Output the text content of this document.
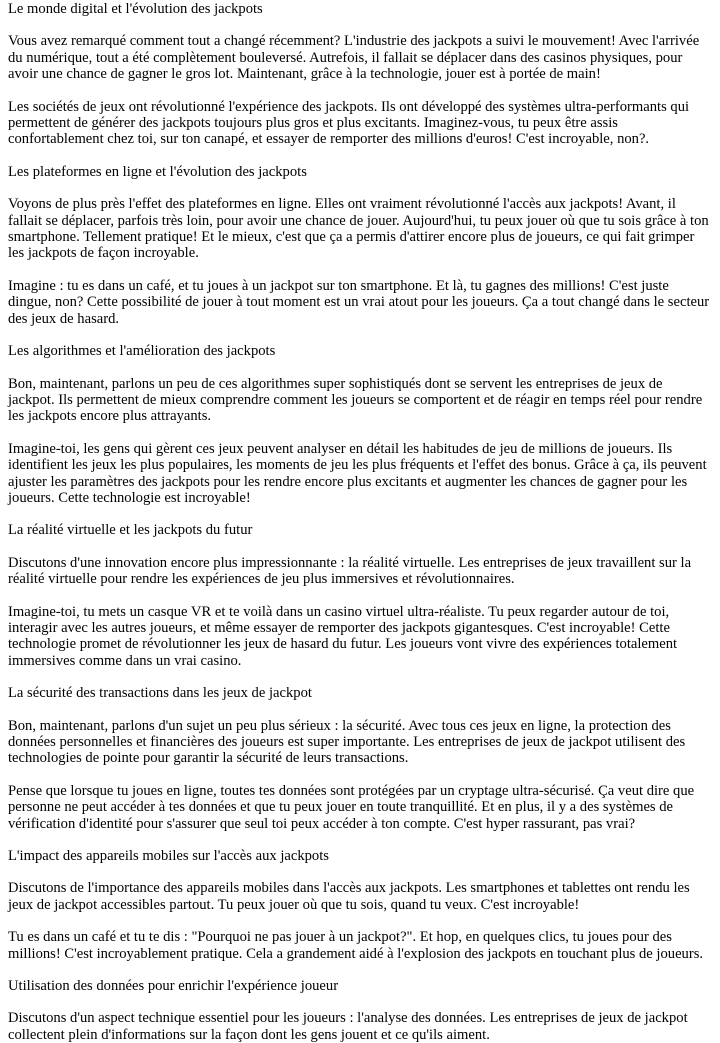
Le monde digital et l'évolution des jackpots
Vous avez remarqué comment tout a changé récemment? L'industrie des jackpots a suivi le mouvement! Avec l'arrivée du numérique, tout a été complètement bouleversé. Autrefois, il fallait se déplacer dans des casinos physiques, pour avoir une chance de gagner le gros lot. Maintenant, grâce à la technologie, jouer est à portée de main!
Les sociétés de jeux ont révolutionné l'expérience des jackpots. Ils ont développé des systèmes ultra-performants qui permettent de générer des jackpots toujours plus gros et plus excitants. Imaginez-vous, tu peux être assis confortablement chez toi, sur ton canapé, et essayer de remporter des millions d'euros! C'est incroyable, non?.
Les plateformes en ligne et l'évolution des jackpots
Voyons de plus près l'effet des plateformes en ligne. Elles ont vraiment révolutionné l'accès aux jackpots! Avant, il fallait se déplacer, parfois très loin, pour avoir une chance de jouer. Aujourd'hui, tu peux jouer où que tu sois grâce à ton smartphone. Tellement pratique! Et le mieux, c'est que ça a permis d'attirer encore plus de joueurs, ce qui fait grimper les jackpots de façon incroyable.
Imagine : tu es dans un café, et tu joues à un jackpot sur ton smartphone. Et là, tu gagnes des millions! C'est juste dingue, non? Cette possibilité de jouer à tout moment est un vrai atout pour les joueurs. Ça a tout changé dans le secteur des jeux de hasard.
Les algorithmes et l'amélioration des jackpots
Bon, maintenant, parlons un peu de ces algorithmes super sophistiqués dont se servent les entreprises de jeux de jackpot. Ils permettent de mieux comprendre comment les joueurs se comportent et de réagir en temps réel pour rendre les jackpots encore plus attrayants.
Imagine-toi, les gens qui gèrent ces jeux peuvent analyser en détail les habitudes de jeu de millions de joueurs. Ils identifient les jeux les plus populaires, les moments de jeu les plus fréquents et l'effet des bonus. Grâce à ça, ils peuvent ajuster les paramètres des jackpots pour les rendre encore plus excitants et augmenter les chances de gagner pour les joueurs. Cette technologie est incroyable!
La réalité virtuelle et les jackpots du futur
Discutons d'une innovation encore plus impressionnante : la réalité virtuelle. Les entreprises de jeux travaillent sur la réalité virtuelle pour rendre les expériences de jeu plus immersives et révolutionnaires.
Imagine-toi, tu mets un casque VR et te voilà dans un casino virtuel ultra-réaliste. Tu peux regarder autour de toi, interagir avec les autres joueurs, et même essayer de remporter des jackpots gigantesques. C'est incroyable! Cette technologie promet de révolutionner les jeux de hasard du futur. Les joueurs vont vivre des expériences totalement immersives comme dans un vrai casino.
La sécurité des transactions dans les jeux de jackpot
Bon, maintenant, parlons d'un sujet un peu plus sérieux : la sécurité. Avec tous ces jeux en ligne, la protection des données personnelles et financières des joueurs est super importante. Les entreprises de jeux de jackpot utilisent des technologies de pointe pour garantir la sécurité de leurs transactions.
Pense que lorsque tu joues en ligne, toutes tes données sont protégées par un cryptage ultra-sécurisé. Ça veut dire que personne ne peut accéder à tes données et que tu peux jouer en toute tranquillité. Et en plus, il y a des systèmes de vérification d'identité pour s'assurer que seul toi peux accéder à ton compte. C'est hyper rassurant, pas vrai?
L'impact des appareils mobiles sur l'accès aux jackpots
Discutons de l'importance des appareils mobiles dans l'accès aux jackpots. Les smartphones et tablettes ont rendu les jeux de jackpot accessibles partout. Tu peux jouer où que tu sois, quand tu veux. C'est incroyable!
Tu es dans un café et tu te dis : "Pourquoi ne pas jouer à un jackpot?". Et hop, en quelques clics, tu joues pour des millions! C'est incroyablement pratique. Cela a grandement aidé à l'explosion des jackpots en touchant plus de joueurs.
Utilisation des données pour enrichir l'expérience joueur
Discutons d'un aspect technique essentiel pour les joueurs : l'analyse des données. Les entreprises de jeux de jackpot collectent plein d'informations sur la façon dont les gens jouent et ce qu'ils aiment.
